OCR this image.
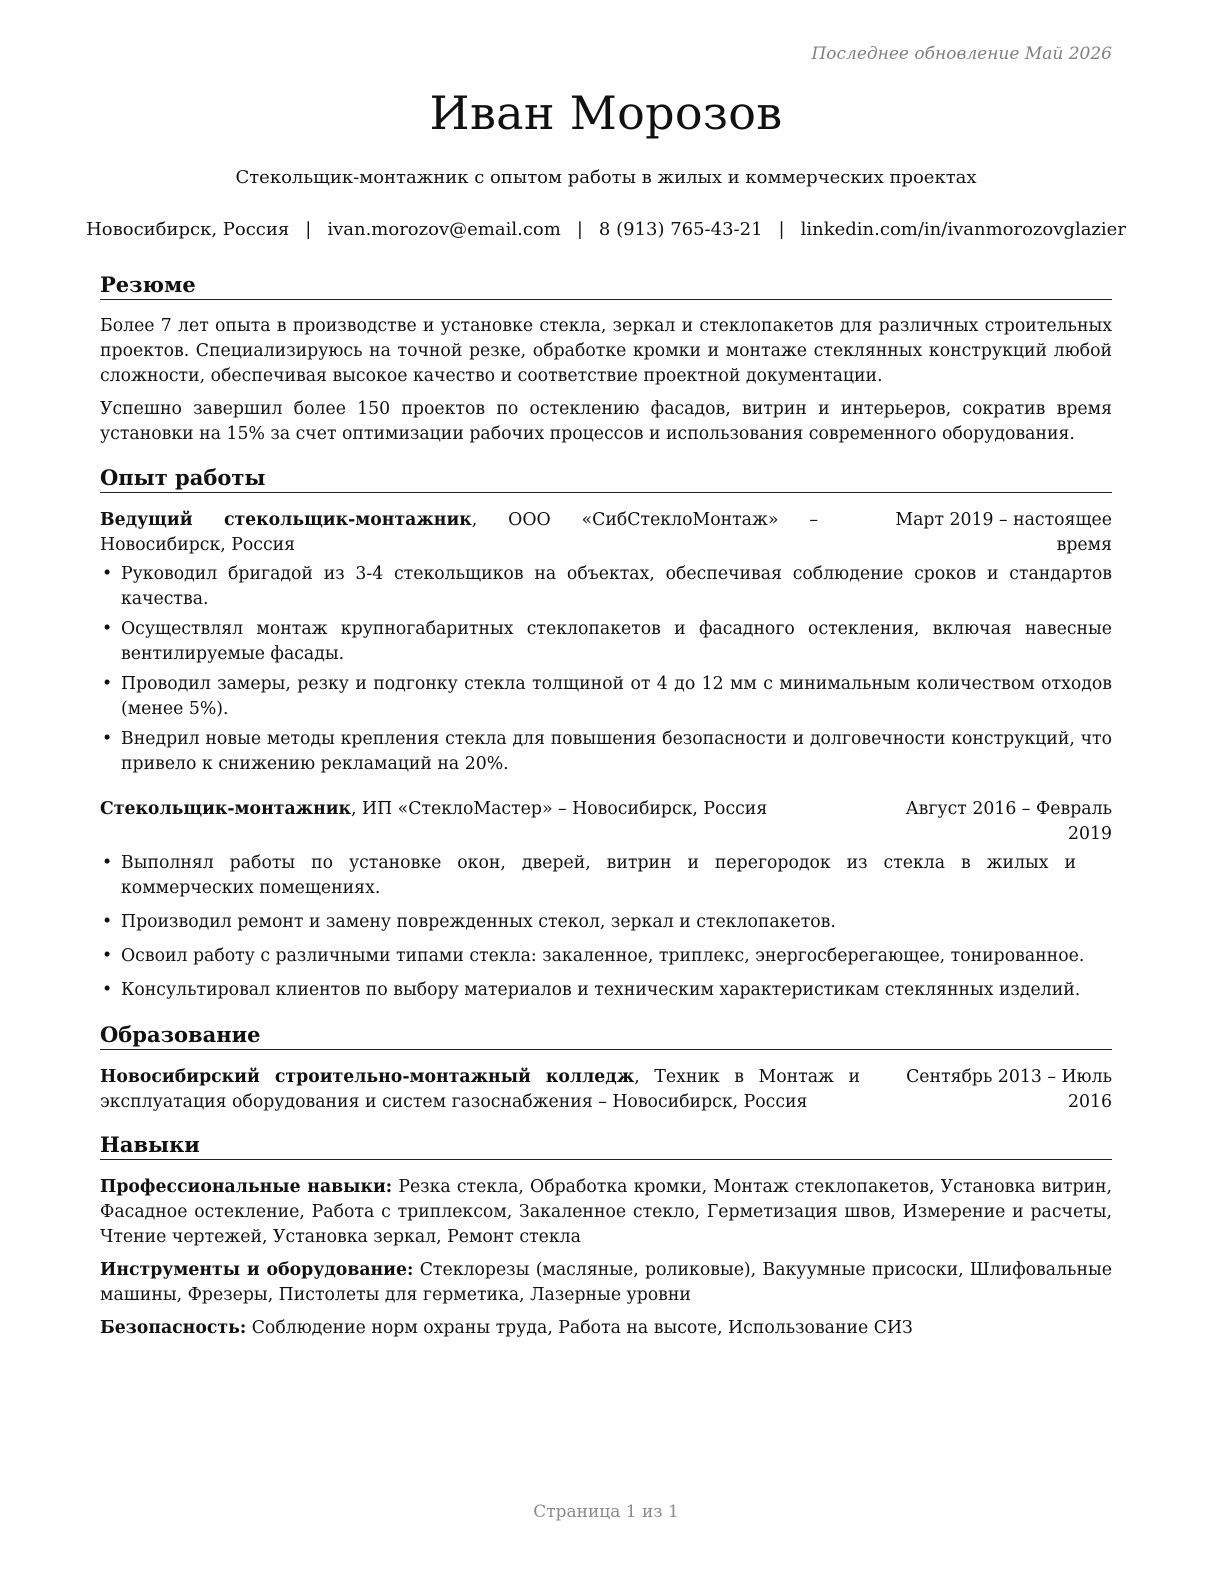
Последнее обновление Май 2026
Иван Морозов
Стекольщик-монтажник с опытом работы в жилых и коммерческих проектах
Новосибирск, Россия | ivan.morozov@email.com | 8 (913) 765-43-21 | linkedin.com/in/ivanmorozovglazier
Резюме

Более 7 лет опыта в производстве и установке стекла, зеркал и стеклопакетов для различных строительных проектов. Специализируюсь на точной резке, обработке кромки и монтаже стеклянных конструкций любой сложности, обеспечивая высокое качество и соответствие проектной документации.

Успешно завершил более 150 проектов по остеклению фасадов, витрин и интерьеров, сократив время установки на 15% за счет оптимизации рабочих процессов и использования современного оборудования.

Опыт работы
Ведущий стекольщик-монтажник, ООО «СибСтеклоМонтаж» – Новосибирск, Россия
Март 2019 – настоящее время
• Руководил бригадой из 3-4 стекольщиков на объектах, обеспечивая соблюдение сроков и стандартов качества.
• Осуществлял монтаж крупногабаритных стеклопакетов и фасадного остекления, включая навесные вентилируемые фасады.
• Проводил замеры, резку и подгонку стекла толщиной от 4 до 12 мм с минимальным количеством отходов (менее 5%).
• Внедрил новые методы крепления стекла для повышения безопасности и долговечности конструкций, что привело к снижению рекламаций на 20%.
Стекольщик-монтажник, ИП «СтеклоМастер» – Новосибирск, Россия	Август 2016 – Февраль 2019
• Выполнял работы по установке окон, дверей, витрин и перегородок из стекла в жилых и коммерческих помещениях.
• Производил ремонт и замену поврежденных стекол, зеркал и стеклопакетов.
• Освоил работу с различными типами стекла: закаленное, триплекс, энергосберегающее, тонированное.
• Консультировал клиентов по выбору материалов и техническим характеристикам стеклянных изделий.
Образование
Новосибирский строительно-монтажный колледж, Техник в Монтаж и эксплуатация оборудования и систем газоснабжения – Новосибирск, Россия
Сентябрь 2013 – Июль 2016
Навыки
Профессиональные навыки: Резка стекла, Обработка кромки, Монтаж стеклопакетов, Установка витрин, Фасадное остекление, Работа с триплексом, Закаленное стекло, Герметизация швов, Измерение и расчеты, Чтение чертежей, Установка зеркал, Ремонт стекла
Инструменты и оборудование: Стеклорезы (масляные, роликовые), Вакуумные присоски, Шлифовальные машины, Фрезеры, Пистолеты для герметика, Лазерные уровни
Безопасность: Соблюдение норм охраны труда, Работа на высоте, Использование СИЗ
Страница 1 из 1
